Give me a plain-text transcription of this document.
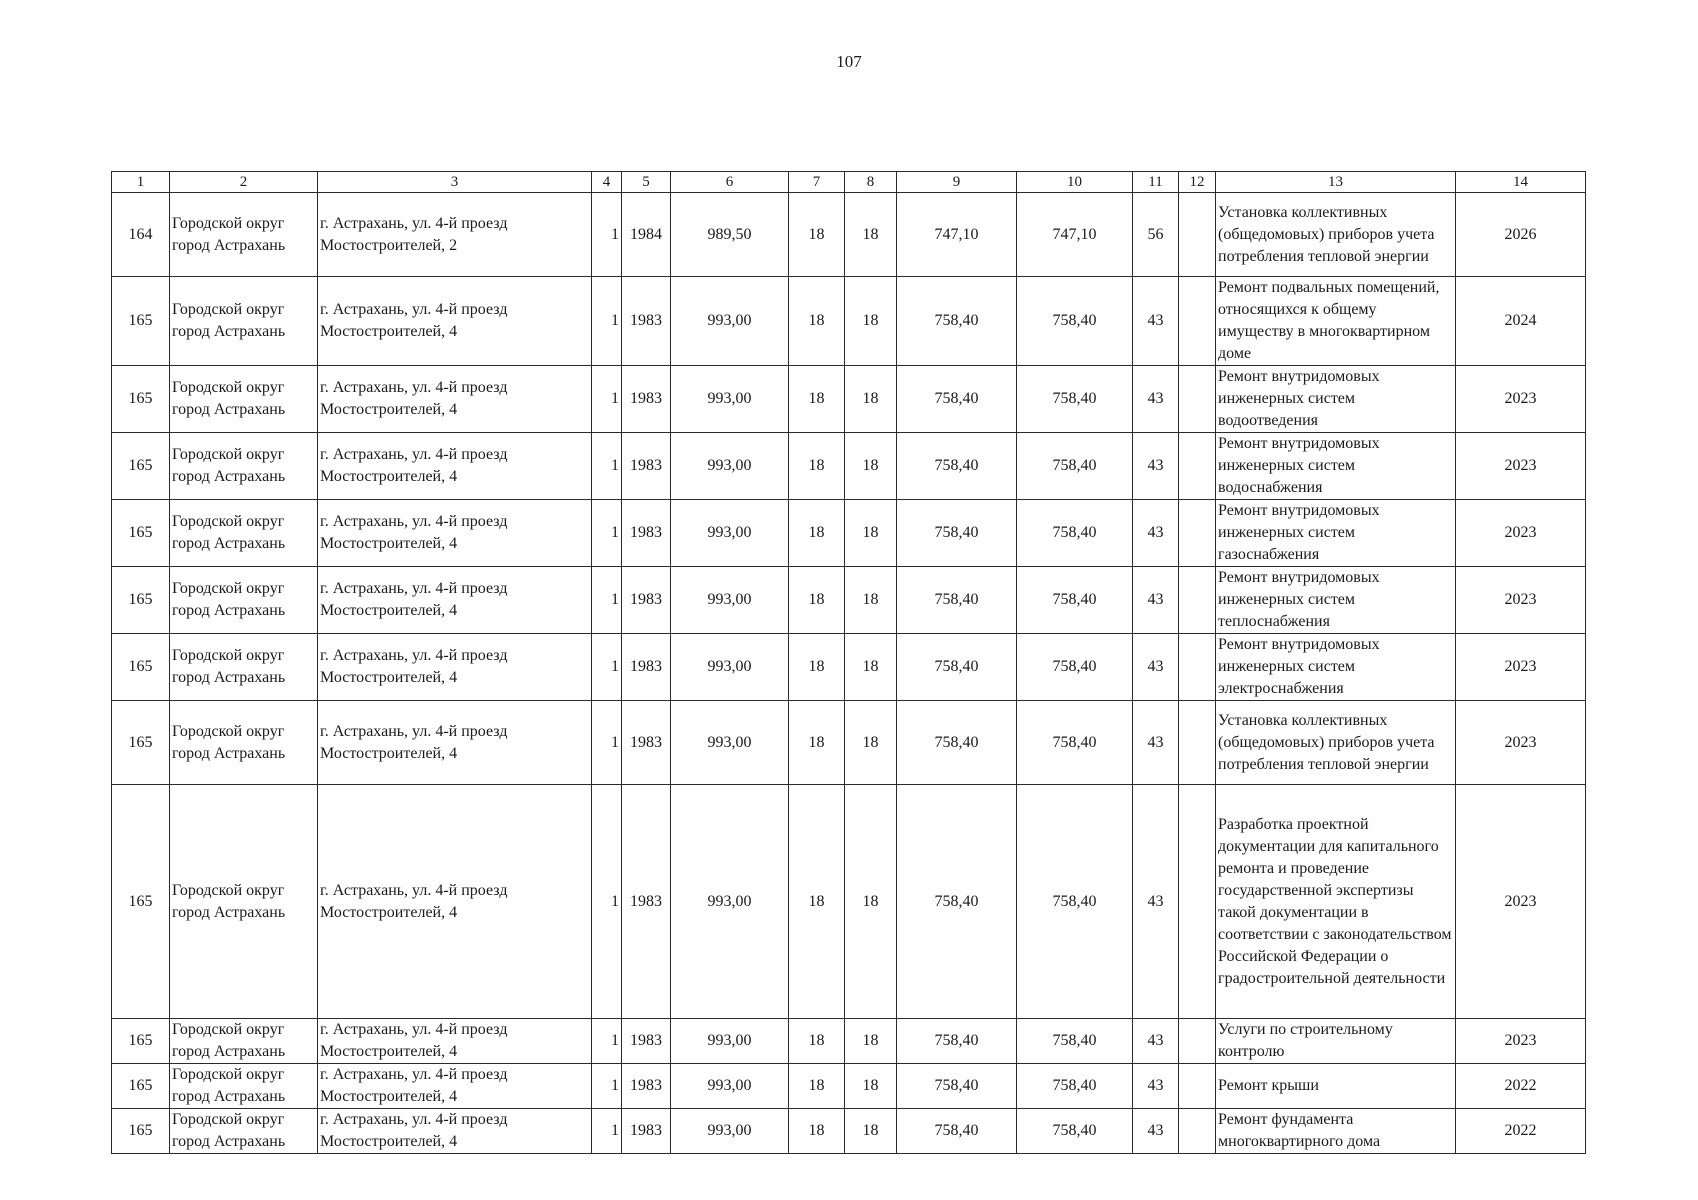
107
1	2	3	4	5	6	7	8	9	10	11	12	13	14
164	Городской округ город Астрахань	г. Астрахань, ул. 4-й проезд Мостостроителей, 2	1	1984	989,50	18	18	747,10	747,10	56		Установка коллективных (общедомовых) приборов учета потребления тепловой энергии	2026
165	Городской округ город Астрахань	г. Астрахань, ул. 4-й проезд Мостостроителей, 4	1	1983	993,00	18	18	758,40	758,40	43		Ремонт подвальных помещений, относящихся к общему имуществу в многоквартирном доме	2024
165	Городской округ город Астрахань	г. Астрахань, ул. 4-й проезд Мостостроителей, 4	1	1983	993,00	18	18	758,40	758,40	43		Ремонт внутридомовых инженерных систем водоотведения	2023
165	Городской округ город Астрахань	г. Астрахань, ул. 4-й проезд Мостостроителей, 4	1	1983	993,00	18	18	758,40	758,40	43		Ремонт внутридомовых инженерных систем водоснабжения	2023
165	Городской округ город Астрахань	г. Астрахань, ул. 4-й проезд Мостостроителей, 4	1	1983	993,00	18	18	758,40	758,40	43		Ремонт внутридомовых инженерных систем газоснабжения	2023
165	Городской округ город Астрахань	г. Астрахань, ул. 4-й проезд Мостостроителей, 4	1	1983	993,00	18	18	758,40	758,40	43		Ремонт внутридомовых инженерных систем теплоснабжения	2023
165	Городской округ город Астрахань	г. Астрахань, ул. 4-й проезд Мостостроителей, 4	1	1983	993,00	18	18	758,40	758,40	43		Ремонт внутридомовых инженерных систем электроснабжения	2023
165	Городской округ город Астрахань	г. Астрахань, ул. 4-й проезд Мостостроителей, 4	1	1983	993,00	18	18	758,40	758,40	43		Установка коллективных (общедомовых) приборов учета потребления тепловой энергии	2023
165	Городской округ город Астрахань	г. Астрахань, ул. 4-й проезд Мостостроителей, 4	1	1983	993,00	18	18	758,40	758,40	43		Разработка проектной документации для капитального ремонта и проведение государственной экспертизы такой документации в соответствии с законодательством Российской Федерации о градостроительной деятельности	2023
165	Городской округ город Астрахань	г. Астрахань, ул. 4-й проезд Мостостроителей, 4	1	1983	993,00	18	18	758,40	758,40	43		Услуги по строительному контролю	2023
165	Городской округ город Астрахань	г. Астрахань, ул. 4-й проезд Мостостроителей, 4	1	1983	993,00	18	18	758,40	758,40	43		Ремонт крыши	2022
165	Городской округ город Астрахань	г. Астрахань, ул. 4-й проезд Мостостроителей, 4	1	1983	993,00	18	18	758,40	758,40	43		Ремонт фундамента многоквартирного дома	2022
